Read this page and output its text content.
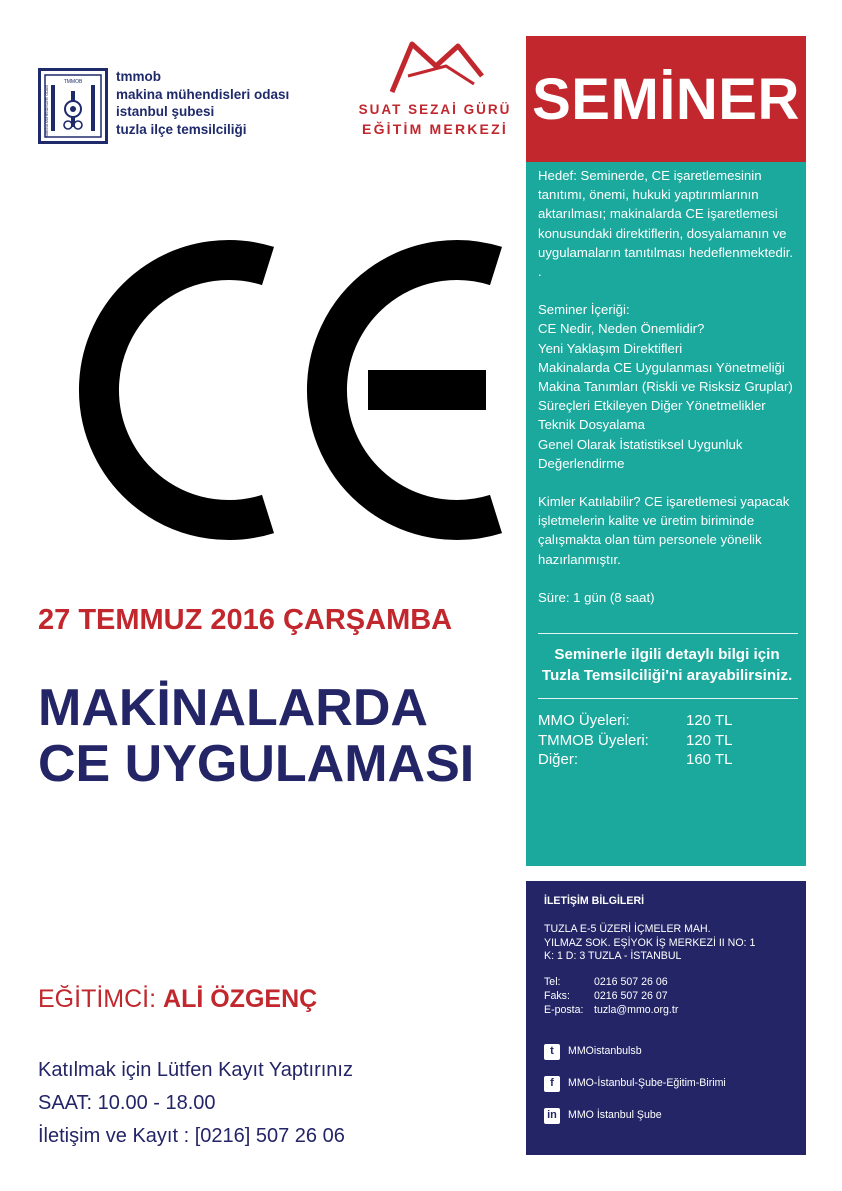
TMMOB
MAKİNA MÜHENDİSLERİ ODASI
tmmob
makina mühendisleri odası
istanbul şubesi
tuzla ilçe temsilciliği
SUAT SEZAİ GÜRÜ
EĞİTİM MERKEZİ SEMİNER

Hedef: Seminerde, CE işaretlemesinin tanıtımı, önemi, hukuki yaptırımlarının aktarılması; makinalarda CE işaretlemesi konusundaki direktiflerin, dosyalamanın ve uygulamaların tanıtılması hedeflenmektedir. .

Seminer İçeriği:

CE Nedir, Neden Önemlidir?

Yeni Yaklaşım Direktifleri

Makinalarda CE Uygulanması Yönetmeliği

Makina Tanımları (Riskli ve Risksiz Gruplar)

Süreçleri Etkileyen Diğer Yönetmelikler

Teknik Dosyalama

Genel Olarak İstatistiksel Uygunluk Değerlendirme

Kimler Katılabilir? CE işaretlemesi yapacak işletmelerin kalite ve üretim biriminde çalışmakta olan tüm personele yönelik hazırlanmıştır.

Süre: 1 gün (8 saat)

Seminerle ilgili detaylı bilgi için Tuzla Temsilciliği'ni arayabilirsiniz.
MMO Üyeleri:	120 TL
TMMOB Üyeleri:	120 TL
Diğer:	160 TL
İLETİŞİM BİLGİLERİ
TUZLA E-5 ÜZERİ İÇMELER MAH.
YILMAZ SOK. EŞİYOK İŞ MERKEZİ II NO: 1
K: 1 D: 3 TUZLA - İSTANBUL
Tel:	0216 507 26 06
Faks:	0216 507 26 07
E-posta: tuzla@mmo.org.tr
t	MMOistanbulsb
f	MMO-İstanbul-Şube-Eğitim-Birimi
in MMO İstanbul Şube
27 TEMMUZ 2016 ÇARŞAMBA
MAKİNALARDA
CE UYGULAMASI
EĞİTİMCİ: ALİ ÖZGENÇ
Katılmak için Lütfen Kayıt Yaptırınız
SAAT: 10.00 - 18.00
İletişim ve Kayıt : [0216] 507 26 06
